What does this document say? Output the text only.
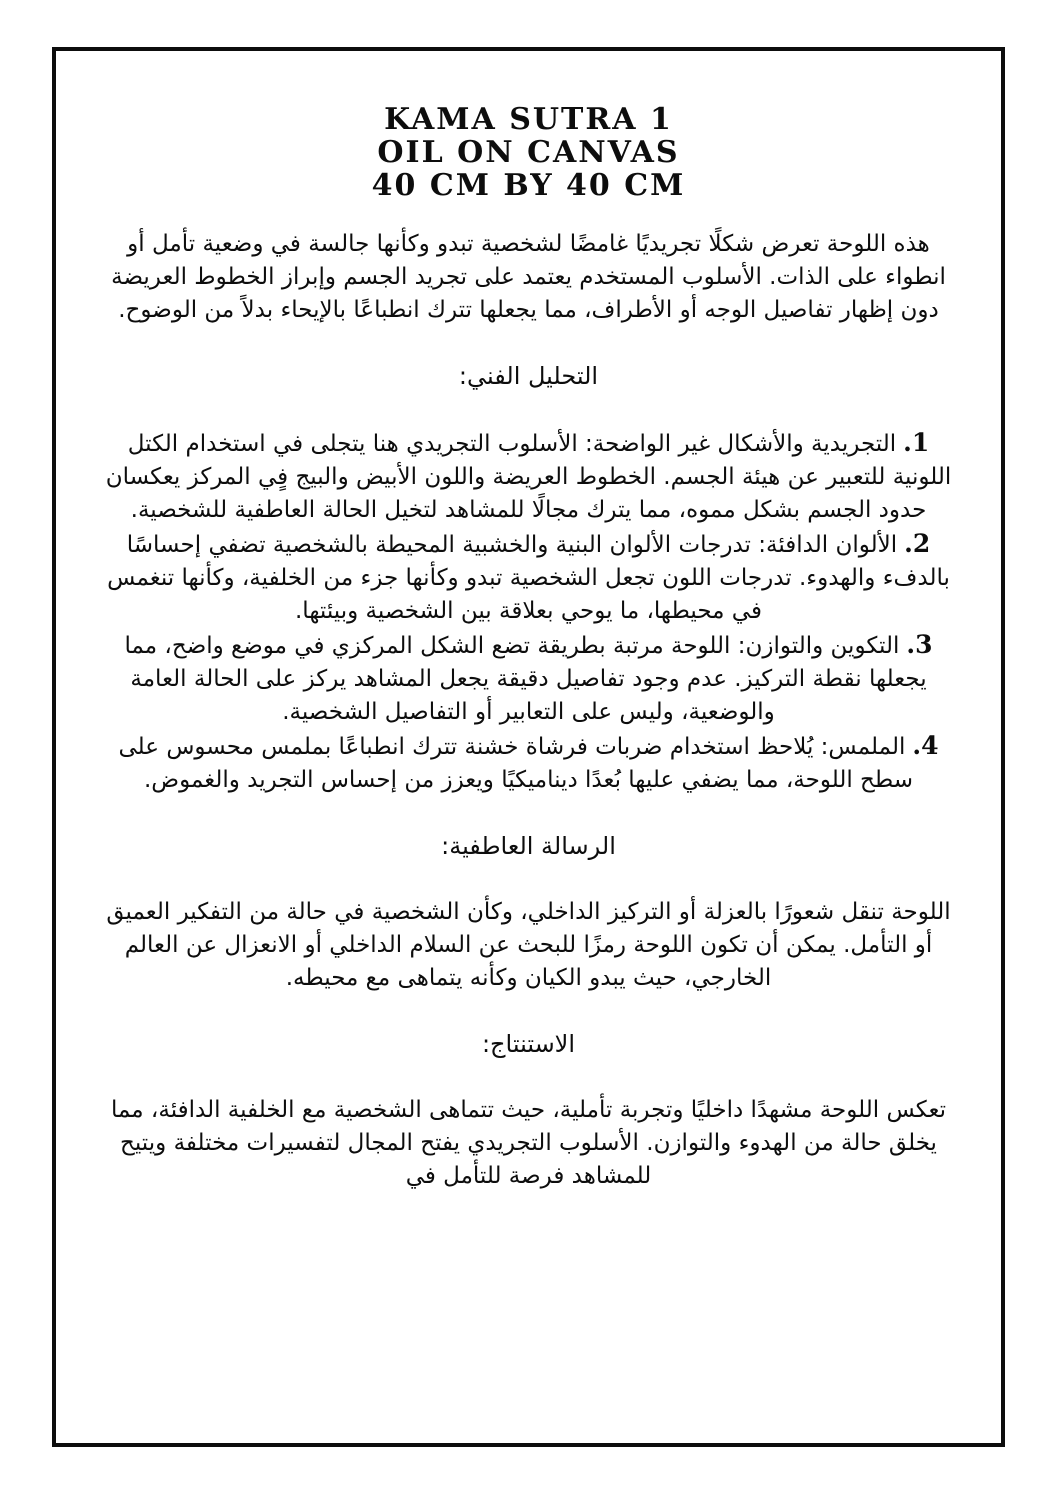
KAMA SUTRA 1
OIL ON CANVAS
40 CM BY 40 CM

هذه اللوحة تعرض شكلًا تجريديًا غامضًا لشخصية تبدو وكأنها جالسة في وضعية تأمل أو انطواء على الذات. الأسلوب المستخدم يعتمد على تجريد الجسم وإبراز الخطوط العريضة دون إظهار تفاصيل الوجه أو الأطراف، مما يجعلها تترك انطباعًا بالإيحاء بدلاً من الوضوح.

التحليل الفني:

1.التجريدية والأشكال غير الواضحة: الأسلوب التجريدي هنا يتجلى في استخدام الكتل اللونية للتعبير عن هيئة الجسم. الخطوط العريضة واللون الأبيض والبيج فٍي المركز يعكسان حدود الجسم بشكل مموه، مما يترك مجالًا للمشاهد لتخيل الحالة العاطفية للشخصية.

2.الألوان الدافئة: تدرجات الألوان البنية والخشبية المحيطة بالشخصية تضفي إحساسًا بالدفء والهدوء. تدرجات اللون تجعل الشخصية تبدو وكأنها جزء من الخلفية، وكأنها تنغمس في محيطها، ما يوحي بعلاقة بين الشخصية وبيئتها.

3.التكوين والتوازن: اللوحة مرتبة بطريقة تضع الشكل المركزي في موضع واضح، مما يجعلها نقطة التركيز. عدم وجود تفاصيل دقيقة يجعل المشاهد يركز على الحالة العامة والوضعية، وليس على التعابير أو التفاصيل الشخصية.

4.الملمس: يُلاحظ استخدام ضربات فرشاة خشنة تترك انطباعًا بملمس محسوس على سطح اللوحة، مما يضفي عليها بُعدًا ديناميكيًا ويعزز من إحساس التجريد والغموض.

الرسالة العاطفية:

اللوحة تنقل شعورًا بالعزلة أو التركيز الداخلي، وكأن الشخصية في حالة من التفكير العميق أو التأمل. يمكن أن تكون اللوحة رمزًا للبحث عن السلام الداخلي أو الانعزال عن العالم الخارجي، حيث يبدو الكيان وكأنه يتماهى مع محيطه.

الاستنتاج:

تعكس اللوحة مشهدًا داخليًا وتجربة تأملية، حيث تتماهى الشخصية مع الخلفية الدافئة، مما يخلق حالة من الهدوء والتوازن. الأسلوب التجريدي يفتح المجال لتفسيرات مختلفة ويتيح للمشاهد فرصة للتأمل في
